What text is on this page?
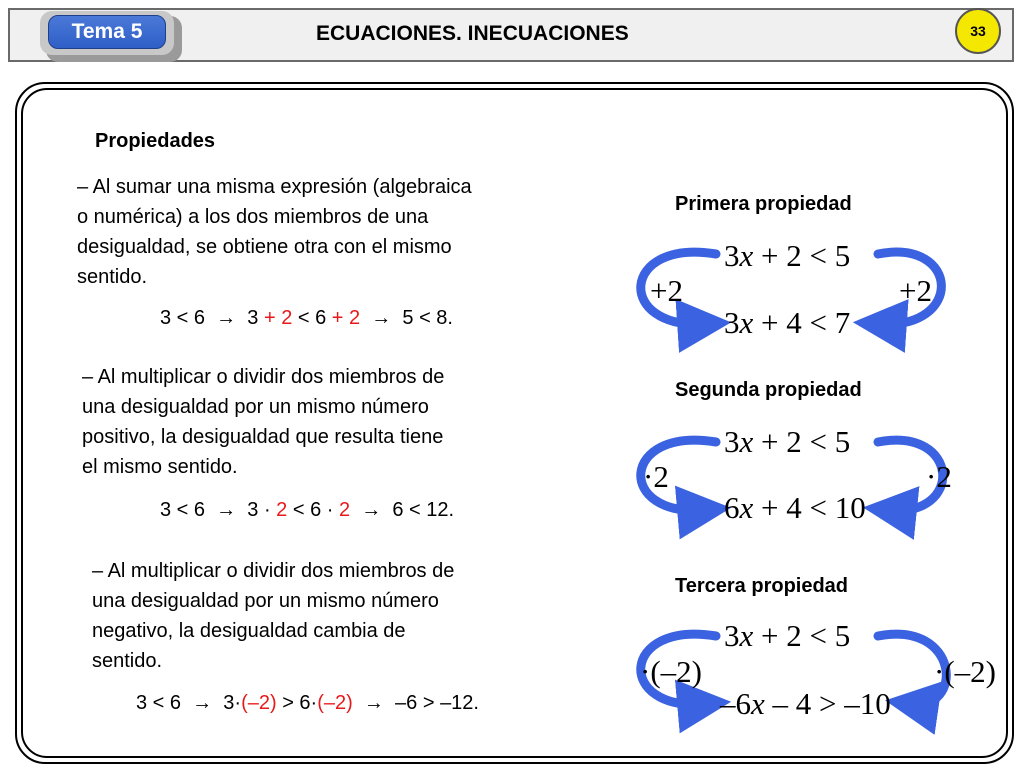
Tema 5	ECUACIONES. INECUACIONES	33
Propiedades
– Al sumar una misma expresión (algebraica
o numérica) a los dos miembros de una
desigualdad, se obtiene otra con el mismo
sentido.
3 < 6  →  3 + 2 < 6 + 2  →  5 < 8.
– Al multiplicar o dividir dos miembros de
una desigualdad por un mismo número
positivo, la desigualdad que resulta tiene
el mismo sentido.
3 < 6  →  3 · 2 < 6 · 2  →  6 < 12.
– Al multiplicar o dividir dos miembros de
una desigualdad por un mismo número
negativo, la desigualdad cambia de
sentido.
3 < 6  →  3·(–2) > 6·(–2)  →  –6 > –12.
Primera propiedad
Segunda propiedad
Tercera propiedad
3x + 2 < 5
+2	+2
3x + 4 < 7
3x + 2 < 5
·2	·2
6x + 4 < 10
3x + 2 < 5
·(–2)	·(–2)
–6x – 4 > –10
